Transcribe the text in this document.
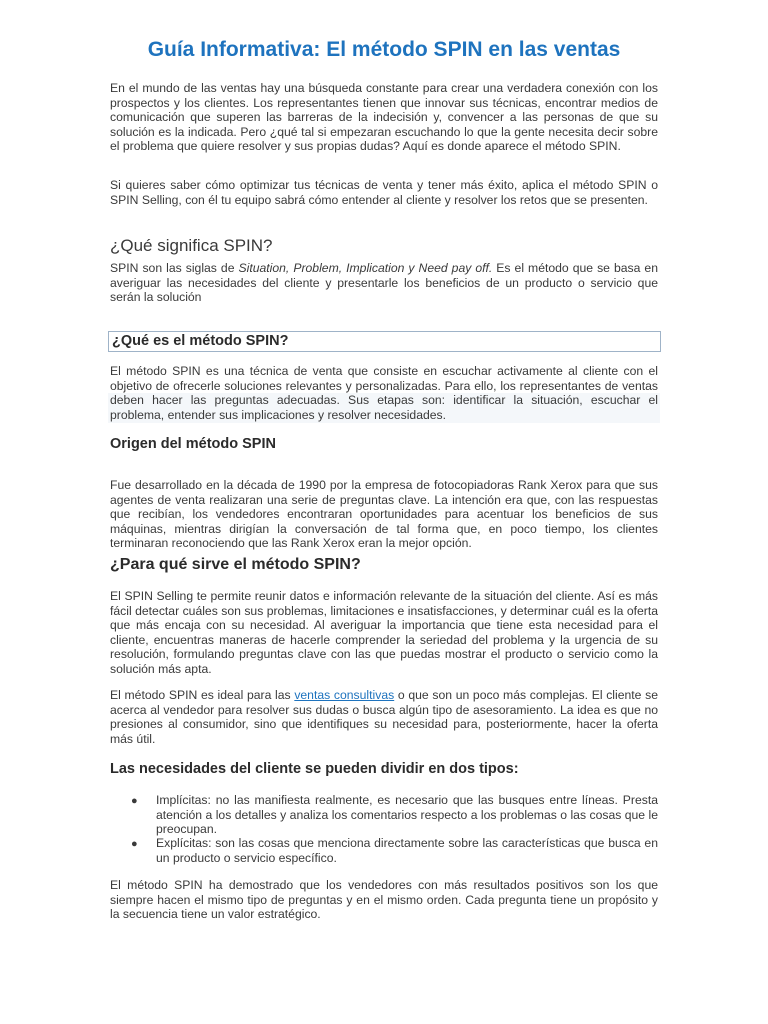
Guía Informativa: El método SPIN en las ventas

En el mundo de las ventas hay una búsqueda constante para crear una verdadera conexión con los prospectos y los clientes. Los representantes tienen que innovar sus técnicas, encontrar medios de comunicación que superen las barreras de la indecisión y, convencer a las personas de que su solución es la indicada. Pero ¿qué tal si empezaran escuchando lo que la gente necesita decir sobre el problema que quiere resolver y sus propias dudas? Aquí es donde aparece el método SPIN.

Si quieres saber cómo optimizar tus técnicas de venta y tener más éxito, aplica el método SPIN o SPIN Selling, con él tu equipo sabrá cómo entender al cliente y resolver los retos que se presenten.

¿Qué significa SPIN?

SPIN son las siglas de Situation, Problem, Implication y Need pay off. Es el método que se basa en averiguar las necesidades del cliente y presentarle los beneficios de un producto o servicio que serán la solución

¿Qué es el método SPIN?

El método SPIN es una técnica de venta que consiste en escuchar activamente al cliente con el objetivo de ofrecerle soluciones relevantes y personalizadas. Para ello, los representantes de ventas deben hacer las preguntas adecuadas. Sus etapas son: identificar la situación, escuchar el problema, entender sus implicaciones y resolver necesidades.

Origen del método SPIN

Fue desarrollado en la década de 1990 por la empresa de fotocopiadoras Rank Xerox para que sus agentes de venta realizaran una serie de preguntas clave. La intención era que, con las respuestas que recibían, los vendedores encontraran oportunidades para acentuar los beneficios de sus máquinas, mientras dirigían la conversación de tal forma que, en poco tiempo, los clientes terminaran reconociendo que las Rank Xerox eran la mejor opción.

¿Para qué sirve el método SPIN?

El SPIN Selling te permite reunir datos e información relevante de la situación del cliente. Así es más fácil detectar cuáles son sus problemas, limitaciones e insatisfacciones, y determinar cuál es la oferta que más encaja con su necesidad. Al averiguar la importancia que tiene esta necesidad para el cliente, encuentras maneras de hacerle comprender la seriedad del problema y la urgencia de su resolución, formulando preguntas clave con las que puedas mostrar el producto o servicio como la solución más apta.

El método SPIN es ideal para las ventas consultivas o que son un poco más complejas. El cliente se acerca al vendedor para resolver sus dudas o busca algún tipo de asesoramiento. La idea es que no presiones al consumidor, sino que identifiques su necesidad para, posteriormente, hacer la oferta más útil.

Las necesidades del cliente se pueden dividir en dos tipos:
● Implícitas: no las manifiesta realmente, es necesario que las busques entre líneas. Presta atención a los detalles y analiza los comentarios respecto a los problemas o las cosas que le preocupan.

● Explícitas: son las cosas que menciona directamente sobre las características que busca en un producto o servicio específico.

El método SPIN ha demostrado que los vendedores con más resultados positivos son los que siempre hacen el mismo tipo de preguntas y en el mismo orden. Cada pregunta tiene un propósito y la secuencia tiene un valor estratégico.
